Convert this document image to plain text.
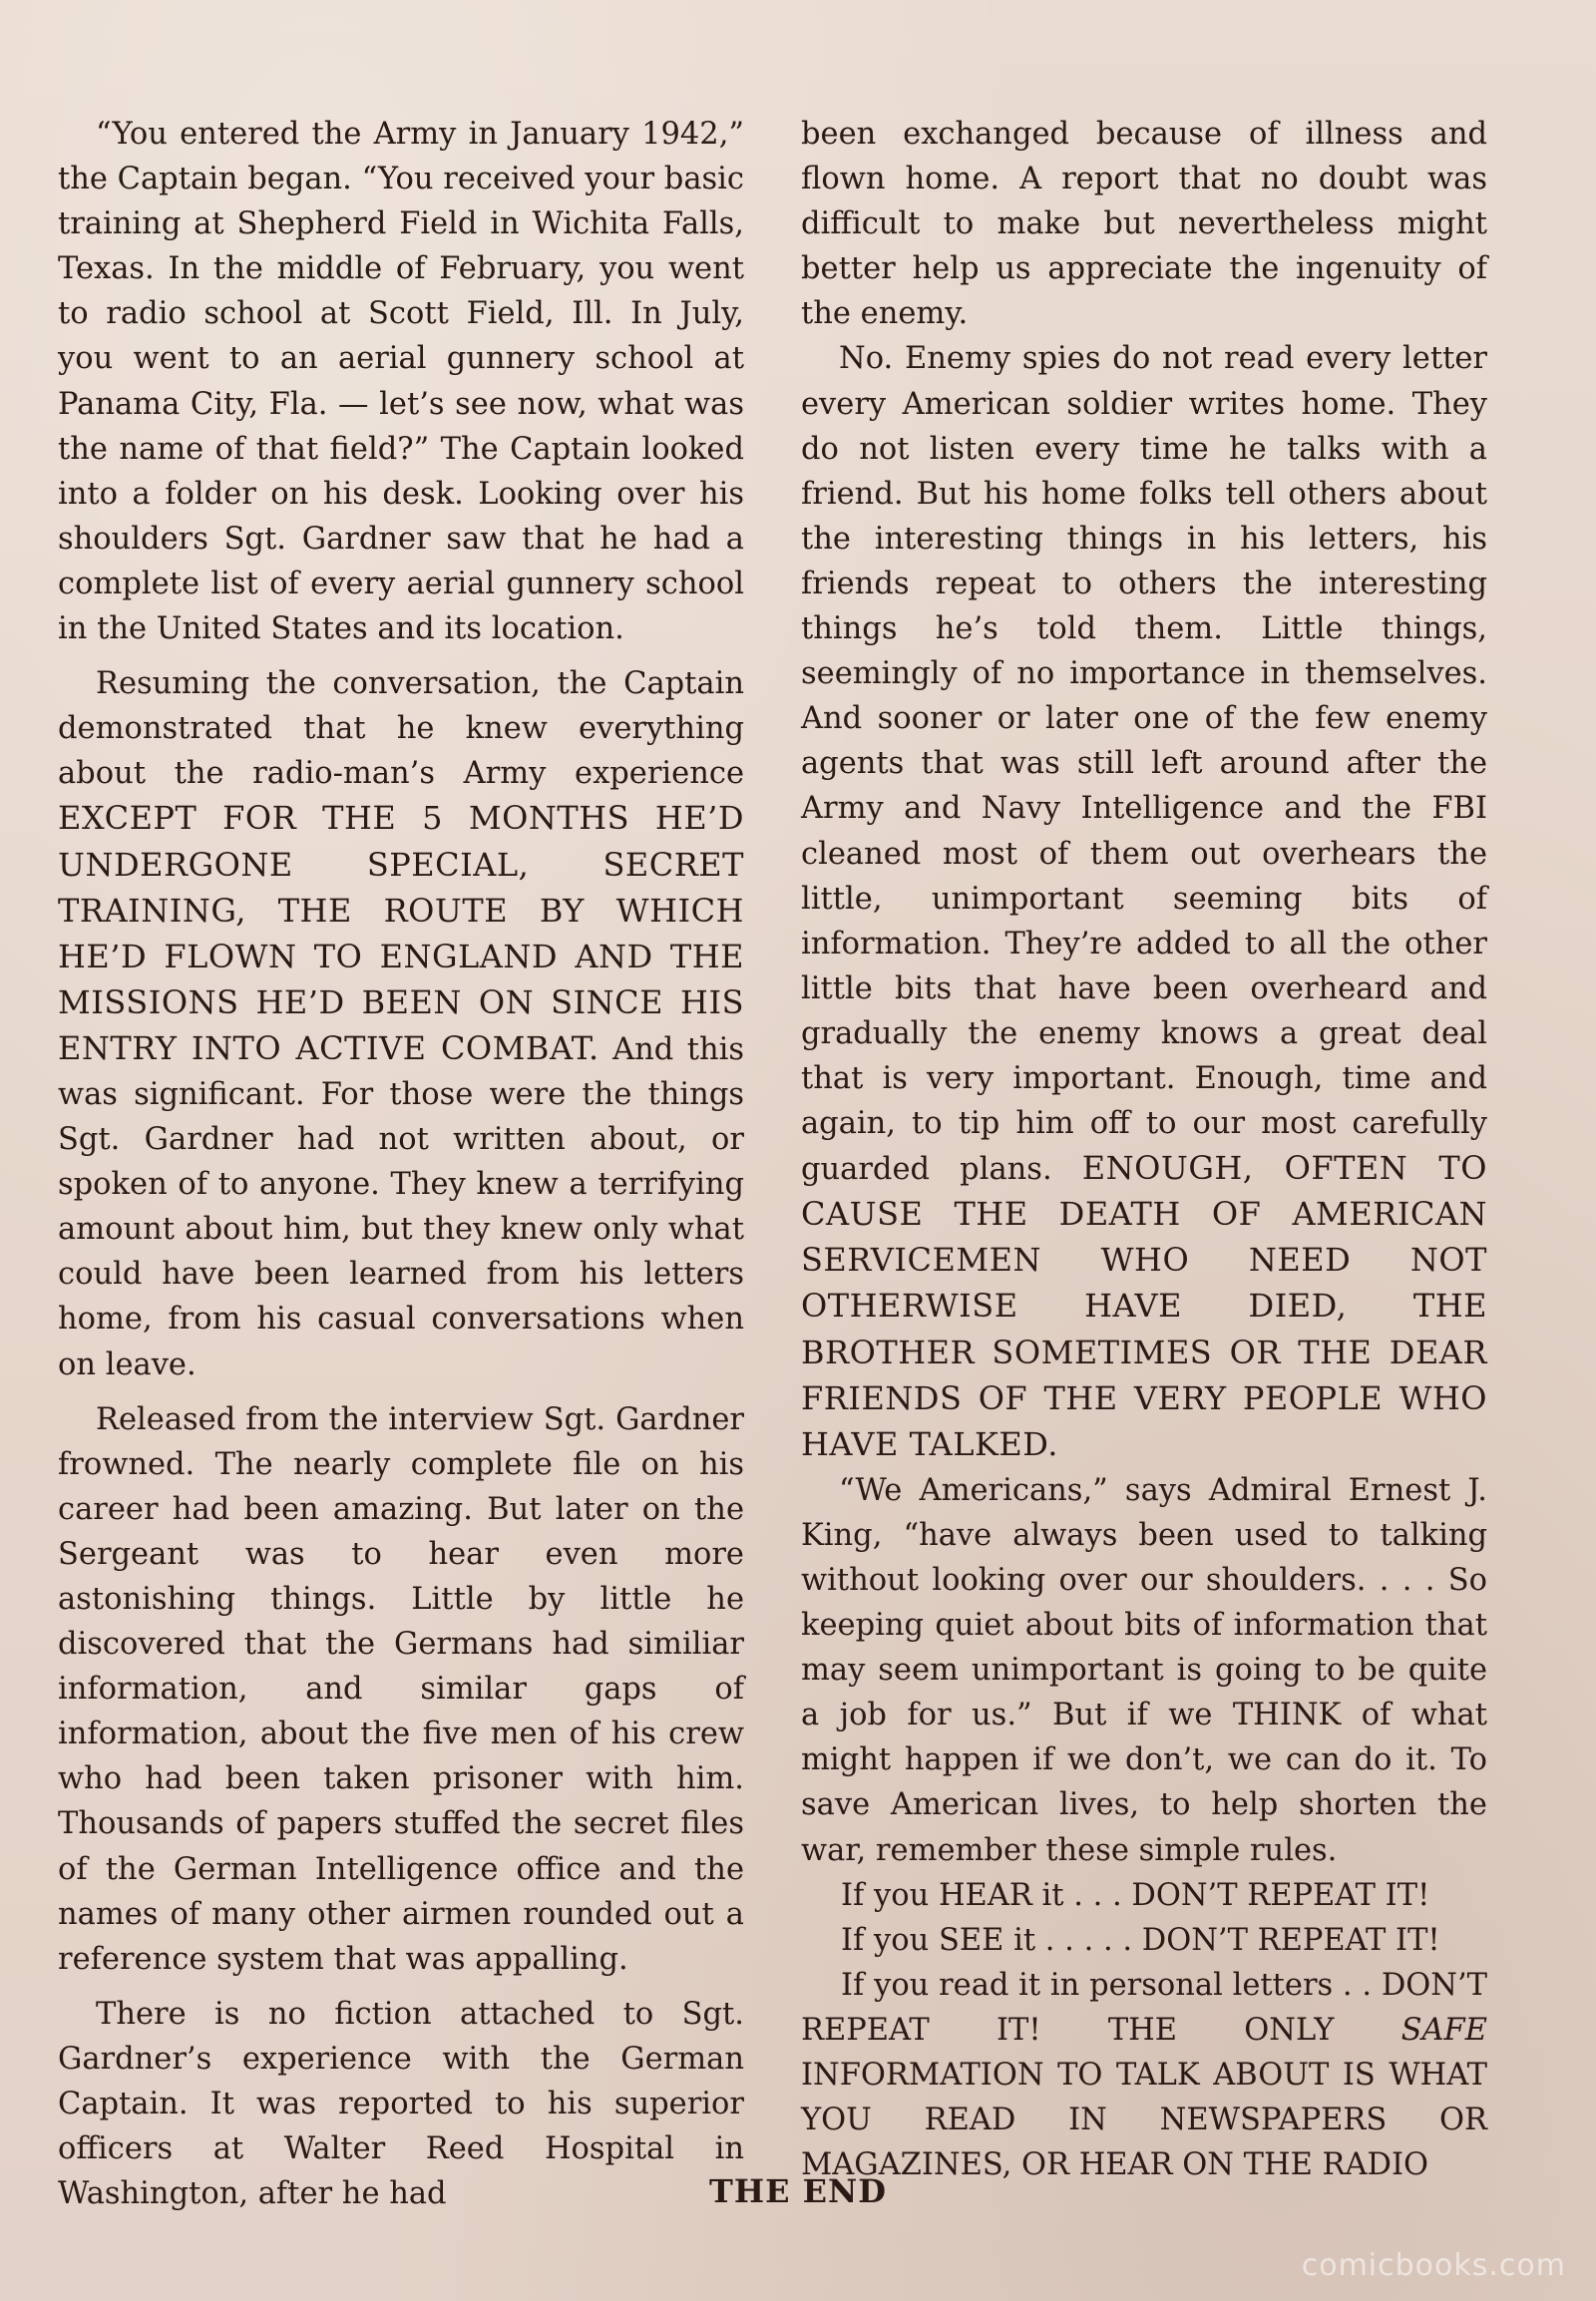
“You entered the Army in January 1942,” the Captain began. “You received your basic training at Shepherd Field in Wichita Falls, Texas. In the middle of February, you went to radio school at Scott Field, Ill. In July, you went to an aerial gunnery school at Panama City, Fla. — let’s see now, what was the name of that field?” The Captain looked into a folder on his desk. Looking over his shoulders Sgt. Gardner saw that he had a complete list of every aerial gunnery school in the United States and its location.

Resuming the conversation, the Captain demonstrated that he knew everything about the radio-man’s Army experience EXCEPT FOR THE 5 MONTHS HE’D UNDERGONE SPECIAL, SECRET TRAINING, THE ROUTE BY WHICH HE’D FLOWN TO ENGLAND AND THE MISSIONS HE’D BEEN ON SINCE HIS ENTRY INTO ACTIVE COMBAT. And this was significant. For those were the things Sgt. Gardner had not written about, or spoken of to anyone. They knew a terrifying amount about him, but they knew only what could have been learned from his letters home, from his casual conversations when on leave.

Released from the interview Sgt. Gardner frowned. The nearly complete file on his career had been amazing. But later on the Sergeant was to hear even more astonishing things. Little by little he discovered that the Germans had similiar information, and similar gaps of information, about the five men of his crew who had been taken prisoner with him. Thousands of papers stuffed the secret files of the German Intelligence office and the names of many other airmen rounded out a reference system that was appalling.

There is no fiction attached to Sgt. Gardner’s experience with the German Captain. It was reported to his superior officers at Walter Reed Hospital in Washington, after he had

been exchanged because of illness and flown home. A report that no doubt was difficult to make but nevertheless might better help us appreciate the ingenuity of the enemy.

No. Enemy spies do not read every letter every American soldier writes home. They do not listen every time he talks with a friend. But his home folks tell others about the interesting things in his letters, his friends repeat to others the interesting things he’s told them. Little things, seemingly of no importance in themselves. And sooner or later one of the few enemy agents that was still left around after the Army and Navy Intelligence and the FBI cleaned most of them out overhears the little, unimportant seeming bits of information. They’re added to all the other little bits that have been overheard and gradually the enemy knows a great deal that is very important. Enough, time and again, to tip him off to our most carefully guarded plans. ENOUGH, OFTEN TO CAUSE THE DEATH OF AMERICAN SERVICEMEN WHO NEED NOT OTHERWISE HAVE DIED, THE BROTHER SOMETIMES OR THE DEAR FRIENDS OF THE VERY PEOPLE WHO HAVE TALKED.

“We Americans,” says Admiral Ernest J. King, “have always been used to talking without looking over our shoulders. . . . So keeping quiet about bits of information that may seem unimportant is going to be quite a job for us.” But if we THINK of what might happen if we don’t, we can do it. To save American lives, to help shorten the war, remember these simple rules.

If you HEAR it . . . DON’T REPEAT IT!

If you SEE it . . . . . DON’T REPEAT IT!

If you read it in personal letters . . DON’T REPEAT IT! THE ONLY SAFE INFORMATION TO TALK ABOUT IS WHAT YOU READ IN NEWSPAPERS OR MAGAZINES, OR HEAR ON THE RADIO

THE END
comicbooks.com
